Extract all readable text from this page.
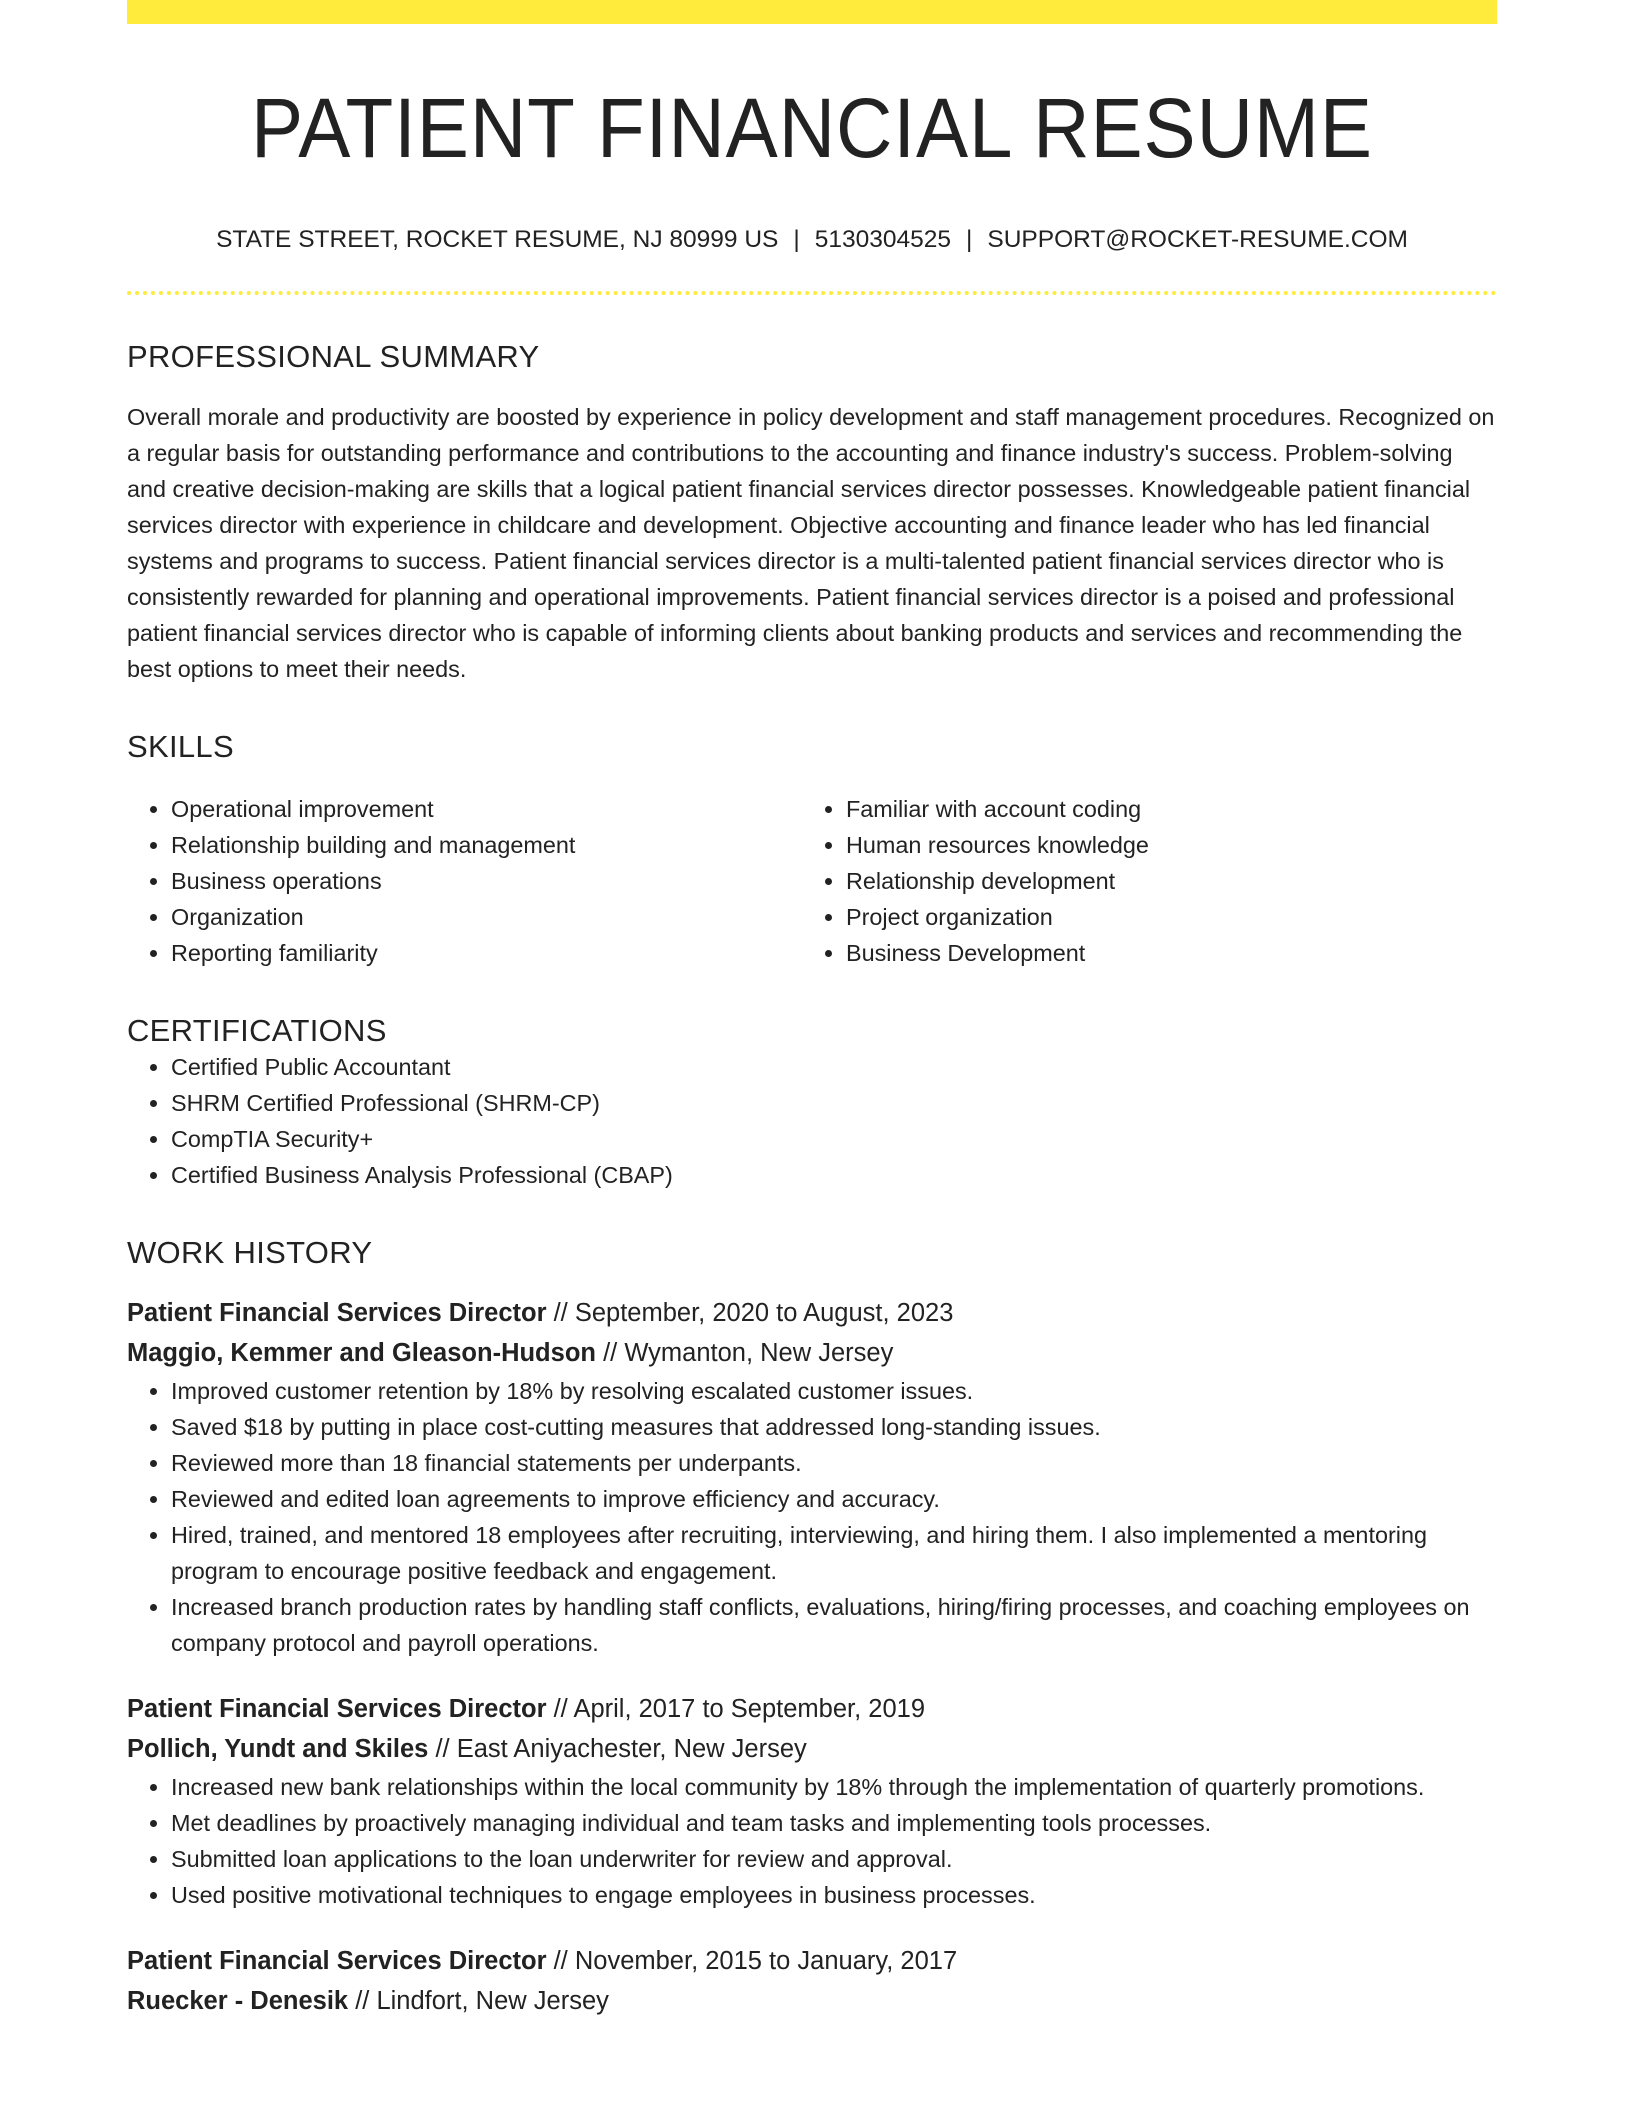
PATIENT FINANCIAL RESUME
STATE STREET, ROCKET RESUME, NJ 80999 US | 5130304525 | SUPPORT@ROCKET-RESUME.COM
PROFESSIONAL SUMMARY
Overall morale and productivity are boosted by experience in policy development and staff management procedures. Recognized on a regular basis for outstanding performance and contributions to the accounting and finance industry's success. Problem-solving and creative decision-making are skills that a logical patient financial services director possesses. Knowledgeable patient financial services director with experience in childcare and development. Objective accounting and finance leader who has led financial systems and programs to success. Patient financial services director is a multi-talented patient financial services director who is consistently rewarded for planning and operational improvements. Patient financial services director is a poised and professional patient financial services director who is capable of informing clients about banking products and services and recommending the best options to meet their needs.
SKILLS
• Operational improvement
• Relationship building and management
• Business operations
• Organization
• Reporting familiarity
• Familiar with account coding
• Human resources knowledge
• Relationship development
• Project organization
• Business Development
CERTIFICATIONS
• Certified Public Accountant
• SHRM Certified Professional (SHRM-CP)
• CompTIA Security+
• Certified Business Analysis Professional (CBAP)
WORK HISTORY
Patient Financial Services Director // September, 2020 to August, 2023
Maggio, Kemmer and Gleason-Hudson // Wymanton, New Jersey
• Improved customer retention by 18% by resolving escalated customer issues.
• Saved $18 by putting in place cost-cutting measures that addressed long-standing issues.
• Reviewed more than 18 financial statements per underpants.
• Reviewed and edited loan agreements to improve efficiency and accuracy.
• Hired, trained, and mentored 18 employees after recruiting, interviewing, and hiring them. I also implemented a mentoring program to encourage positive feedback and engagement.
• Increased branch production rates by handling staff conflicts, evaluations, hiring/firing processes, and coaching employees on company protocol and payroll operations.
Patient Financial Services Director // April, 2017 to September, 2019
Pollich, Yundt and Skiles // East Aniyachester, New Jersey
• Increased new bank relationships within the local community by 18% through the implementation of quarterly promotions.
• Met deadlines by proactively managing individual and team tasks and implementing tools processes.
• Submitted loan applications to the loan underwriter for review and approval.
• Used positive motivational techniques to engage employees in business processes.
Patient Financial Services Director // November, 2015 to January, 2017
Ruecker - Denesik // Lindfort, New Jersey
